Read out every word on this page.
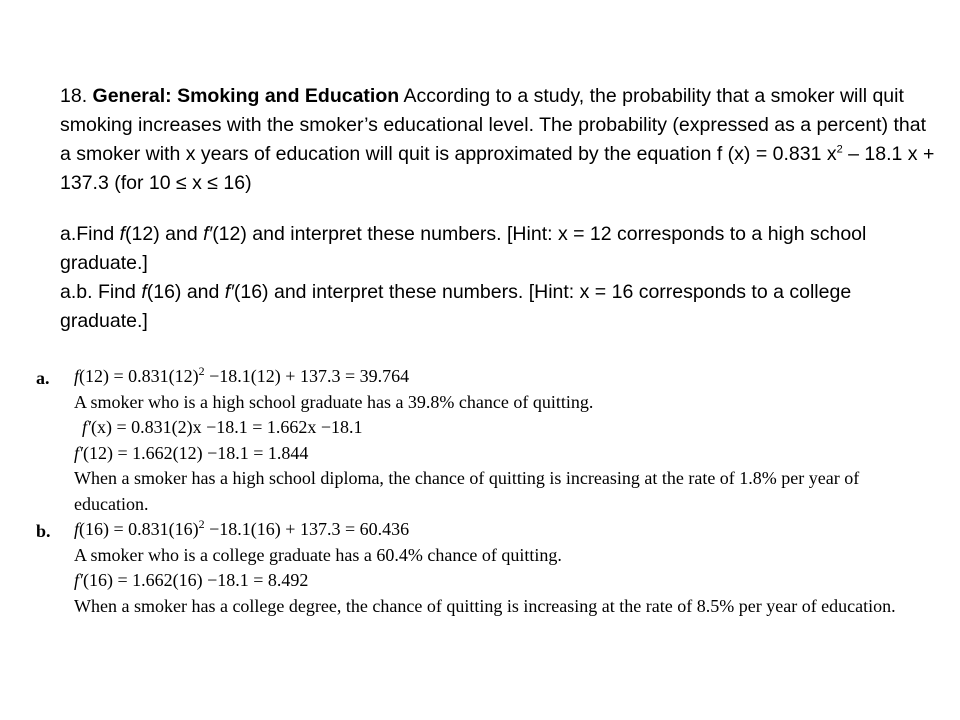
18. General: Smoking and Education According to a study, the probability that a smoker will quit smoking increases with the smoker’s educational level. The probability (expressed as a percent) that a smoker with x years of education will quit is approximated by the equation f (x) = 0.831 $x^2 - 18.1$ x + 137.3 (for 10 ≤ x ≤ 16)

a.Find f(12) and f′(12) and interpret these numbers. [Hint: x = 12 corresponds to a high school graduate.]

a.b. Find f(16) and f′(16) and interpret these numbers. [Hint: x = 16 corresponds to a college graduate.]

a. $f(12) = 0.831(12)^2 -18.1(12) + 137.3 = 39.764$
A smoker who is a high school graduate has a 39.8% chance of quitting.
f′(x) = 0.831(2)x −18.1 = 1.662x −18.1
f′(12) = 1.662(12) −18.1 = 1.844
When a smoker has a high school diploma, the chance of quitting is increasing at the rate of 1.8% per year of education.
b. $f(16) = 0.831(16)^2 -18.1(16) + 137.3 = 60.436$
A smoker who is a college graduate has a 60.4% chance of quitting.
f′(16) = 1.662(16) −18.1 = 8.492
When a smoker has a college degree, the chance of quitting is increasing at the rate of 8.5% per year of education.
